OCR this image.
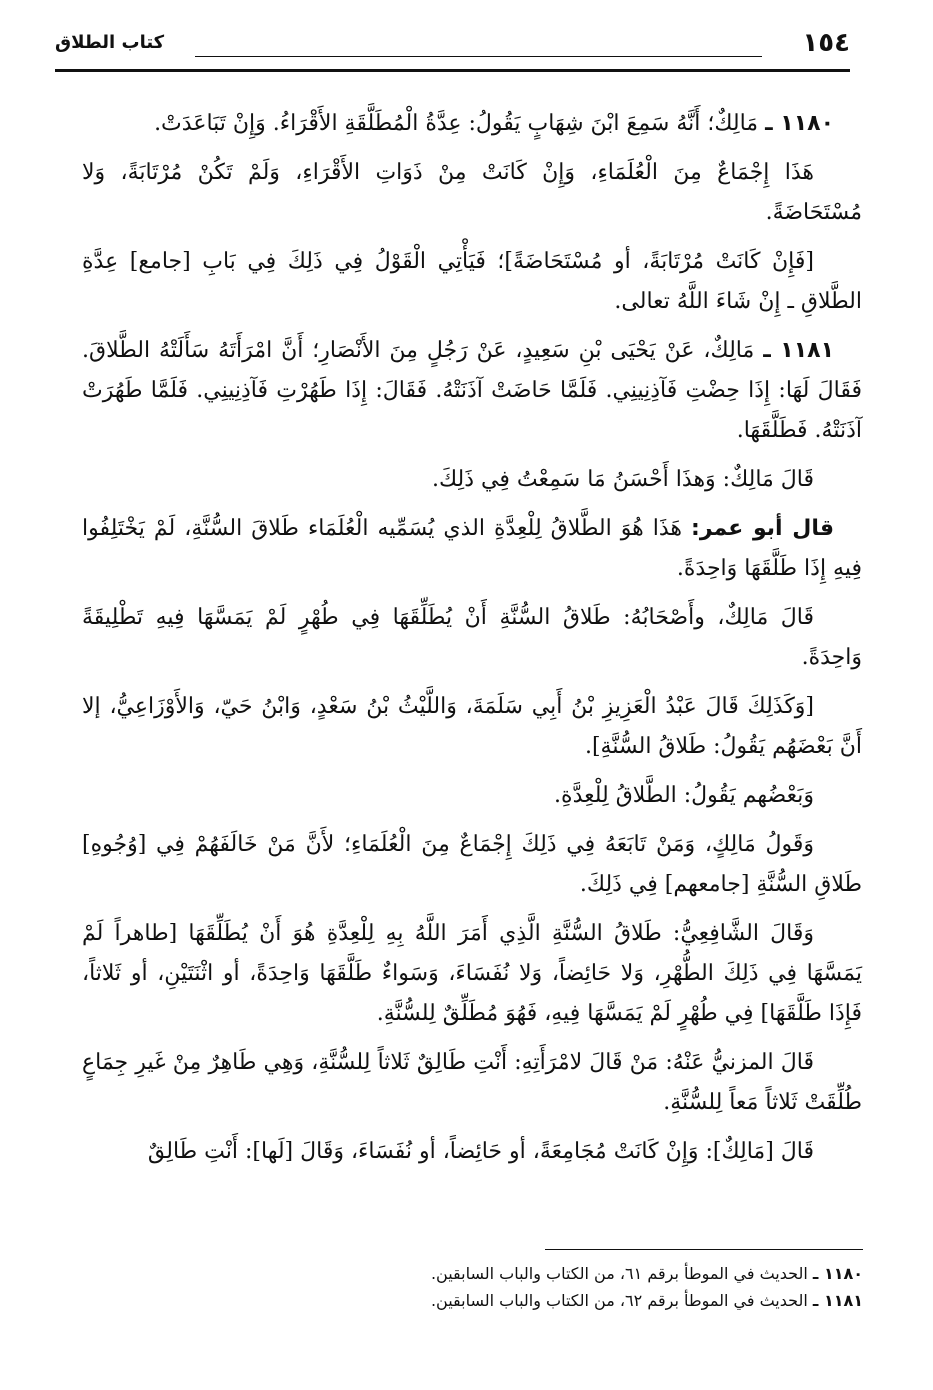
١٥٤
كتاب الطلاق

١١٨٠ ـ مَالِكٌ؛ أَنَّهُ سَمِعَ ابْنَ شِهَابٍ يَقُولُ: عِدَّةُ الْمُطَلَّقَةِ الأَقْرَاءُ. وَإِنْ تَبَاعَدَتْ.

هَذَا إِجْمَاعٌ مِنَ الْعُلَمَاءِ، وَإِنْ كَانَتْ مِنْ ذَوَاتِ الأَقْرَاءِ، وَلَمْ تَكُنْ مُرْتَابَةً، وَلا مُسْتَحَاضَةً.

[فَإِنْ كَانَتْ مُرْتَابَةً، أو مُسْتَحَاضَةً]؛ فَيَأْتِي الْقَوْلُ فِي ذَلِكَ فِي بَابِ [جامع] عِدَّةِ الطَّلاقِ ـ إِنْ شَاءَ اللَّهُ تعالى.

١١٨١ ـ مَالِكٌ، عَنْ يَحْيَى بْنِ سَعِيدٍ، عَنْ رَجُلٍ مِنَ الأَنْصَارِ؛ أَنَّ امْرَأَتَهُ سَأَلَتْهُ الطَّلاقَ. فَقَالَ لَهَا: إِذَا حِضْتِ فَآذِنِينِي. فَلَمَّا حَاضَتْ آذَنَتْهُ. فَقَالَ: إِذَا طَهُرْتِ فَآذِنِينِي. فَلَمَّا طَهُرَتْ آذَنَتْهُ. فَطَلَّقَهَا.

قَالَ مَالِكٌ: وَهذَا أَحْسَنُ مَا سَمِعْتُ فِي ذَلِكَ.

قال أبو عمر: هَذَا هُوَ الطَّلاقُ لِلْعِدَّةِ الذي يُسَمِّيه الْعُلَمَاء طَلاقَ السُّنَّةِ، لَمْ يَخْتَلِفُوا فِيهِ إِذَا طَلَّقَهَا وَاحِدَةً.

قَالَ مَالِكٌ، وأَصْحَابُهُ: طَلاقُ السُّنَّةِ أَنْ يُطَلِّقَهَا فِي طُهْرٍ لَمْ يَمَسَّهَا فِيهِ تَطْلِيقَةً وَاحِدَةً.

[وَكَذَلِكَ قَالَ عَبْدُ الْعَزِيزِ بْنُ أَبِي سَلَمَةَ، وَاللَّيْثُ بْنُ سَعْدٍ، وَابْنُ حَيّ، وَالأَوْزَاعِيُّ، إلا أَنَّ بَعْضَهُم يَقُولُ: طَلاقُ السُّنَّةِ].

وَبَعْضُهم يَقُولُ: الطَّلاقُ لِلْعِدَّةِ.

وَقَولُ مَالِكٍ، وَمَنْ تَابَعَهُ فِي ذَلِكَ إِجْمَاعٌ مِنَ الْعُلَمَاءِ؛ لأَنَّ مَنْ خَالَفَهُمْ فِي [وُجُوهِ] طَلاقِ السُّنَّةِ [جامعهم] فِي ذَلِكَ.

وَقَالَ الشَّافِعِيُّ: طَلاقُ السُّنَّةِ الَّذِي أَمَرَ اللَّهُ بِهِ لِلْعِدَّةِ هُوَ أَنْ يُطَلِّقَهَا [طاهراً لَمْ يَمَسَّهَا فِي ذَلِكَ الطُّهْرِ، وَلا حَائِضاً، وَلا نُفَسَاءَ، وَسَواءٌ طَلَّقَهَا وَاحِدَةً، أو اثْنَتَيْنِ، أو ثَلاثاً، فَإِذَا طَلَّقَهَا] فِي طُهْرٍ لَمْ يَمَسَّهَا فِيهِ، فَهُوَ مُطَلِّقٌ لِلسُّنَّةِ.

قَالَ المزنيُّ عَنْهُ: مَنْ قَالَ لامْرَأَتِهِ: أَنْتِ طَالِقٌ ثَلاثاً لِلسُّنَّةِ، وَهِي طَاهِرٌ مِنْ غَيرِ جِمَاعٍ طُلِّقَتْ ثَلاثاً مَعاً لِلسُّنَّةِ.

قَالَ [مَالِكٌ]: وَإِنْ كَانَتْ مُجَامِعَةً، أو حَائِضاً، أو نُفَسَاءَ، وَقَالَ [لَها]: أَنْتِ طَالِقٌ

١١٨٠ ـ الحديث في الموطأ برقم ٦١، من الكتاب والباب السابقين.

١١٨١ ـ الحديث في الموطأ برقم ٦٢، من الكتاب والباب السابقين.
